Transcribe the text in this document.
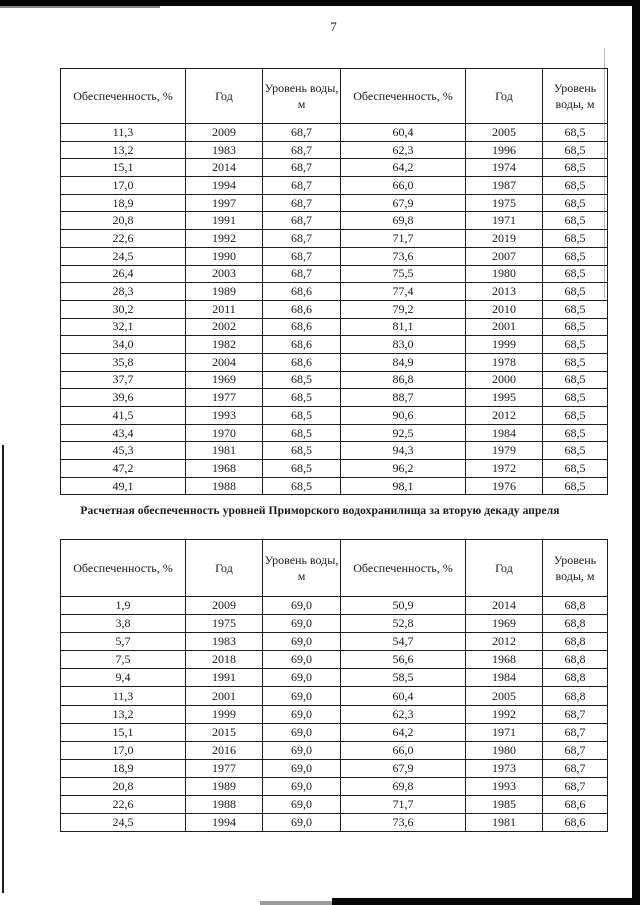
7
Обеспеченность, %	Год	Уровень воды, м	Обеспеченность, %	Год	Уровень воды, м
11,3	2009	68,7	60,4	2005	68,5
13,2	1983	68,7	62,3	1996	68,5
15,1	2014	68,7	64,2	1974	68,5
17,0	1994	68,7	66,0	1987	68,5
18,9	1997	68,7	67,9	1975	68,5
20,8	1991	68,7	69,8	1971	68,5
22,6	1992	68,7	71,7	2019	68,5
24,5	1990	68,7	73,6	2007	68,5
26,4	2003	68,7	75,5	1980	68,5
28,3	1989	68,6	77,4	2013	68,5
30,2	2011	68,6	79,2	2010	68,5
32,1	2002	68,6	81,1	2001	68,5
34,0	1982	68,6	83,0	1999	68,5
35,8	2004	68,6	84,9	1978	68,5
37,7	1969	68,5	86,8	2000	68,5
39,6	1977	68,5	88,7	1995	68,5
41,5	1993	68,5	90,6	2012	68,5
43,4	1970	68,5	92,5	1984	68,5
45,3	1981	68,5	94,3	1979	68,5
47,2	1968	68,5	96,2	1972	68,5
49,1	1988	68,5	98,1	1976	68,5
Расчетная обеспеченность уровней Приморского водохранилища за вторую декаду апреля
Обеспеченность, %	Год	Уровень воды, м	Обеспеченность, %	Год	Уровень воды, м
1,9	2009	69,0	50,9	2014	68,8
3,8	1975	69,0	52,8	1969	68,8
5,7	1983	69,0	54,7	2012	68,8
7,5	2018	69,0	56,6	1968	68,8
9,4	1991	69,0	58,5	1984	68,8
11,3	2001	69,0	60,4	2005	68,8
13,2	1999	69,0	62,3	1992	68,7
15,1	2015	69,0	64,2	1971	68,7
17,0	2016	69,0	66,0	1980	68,7
18,9	1977	69,0	67,9	1973	68,7
20,8	1989	69,0	69,8	1993	68,7
22,6	1988	69,0	71,7	1985	68,6
24,5	1994	69,0	73,6	1981	68,6
